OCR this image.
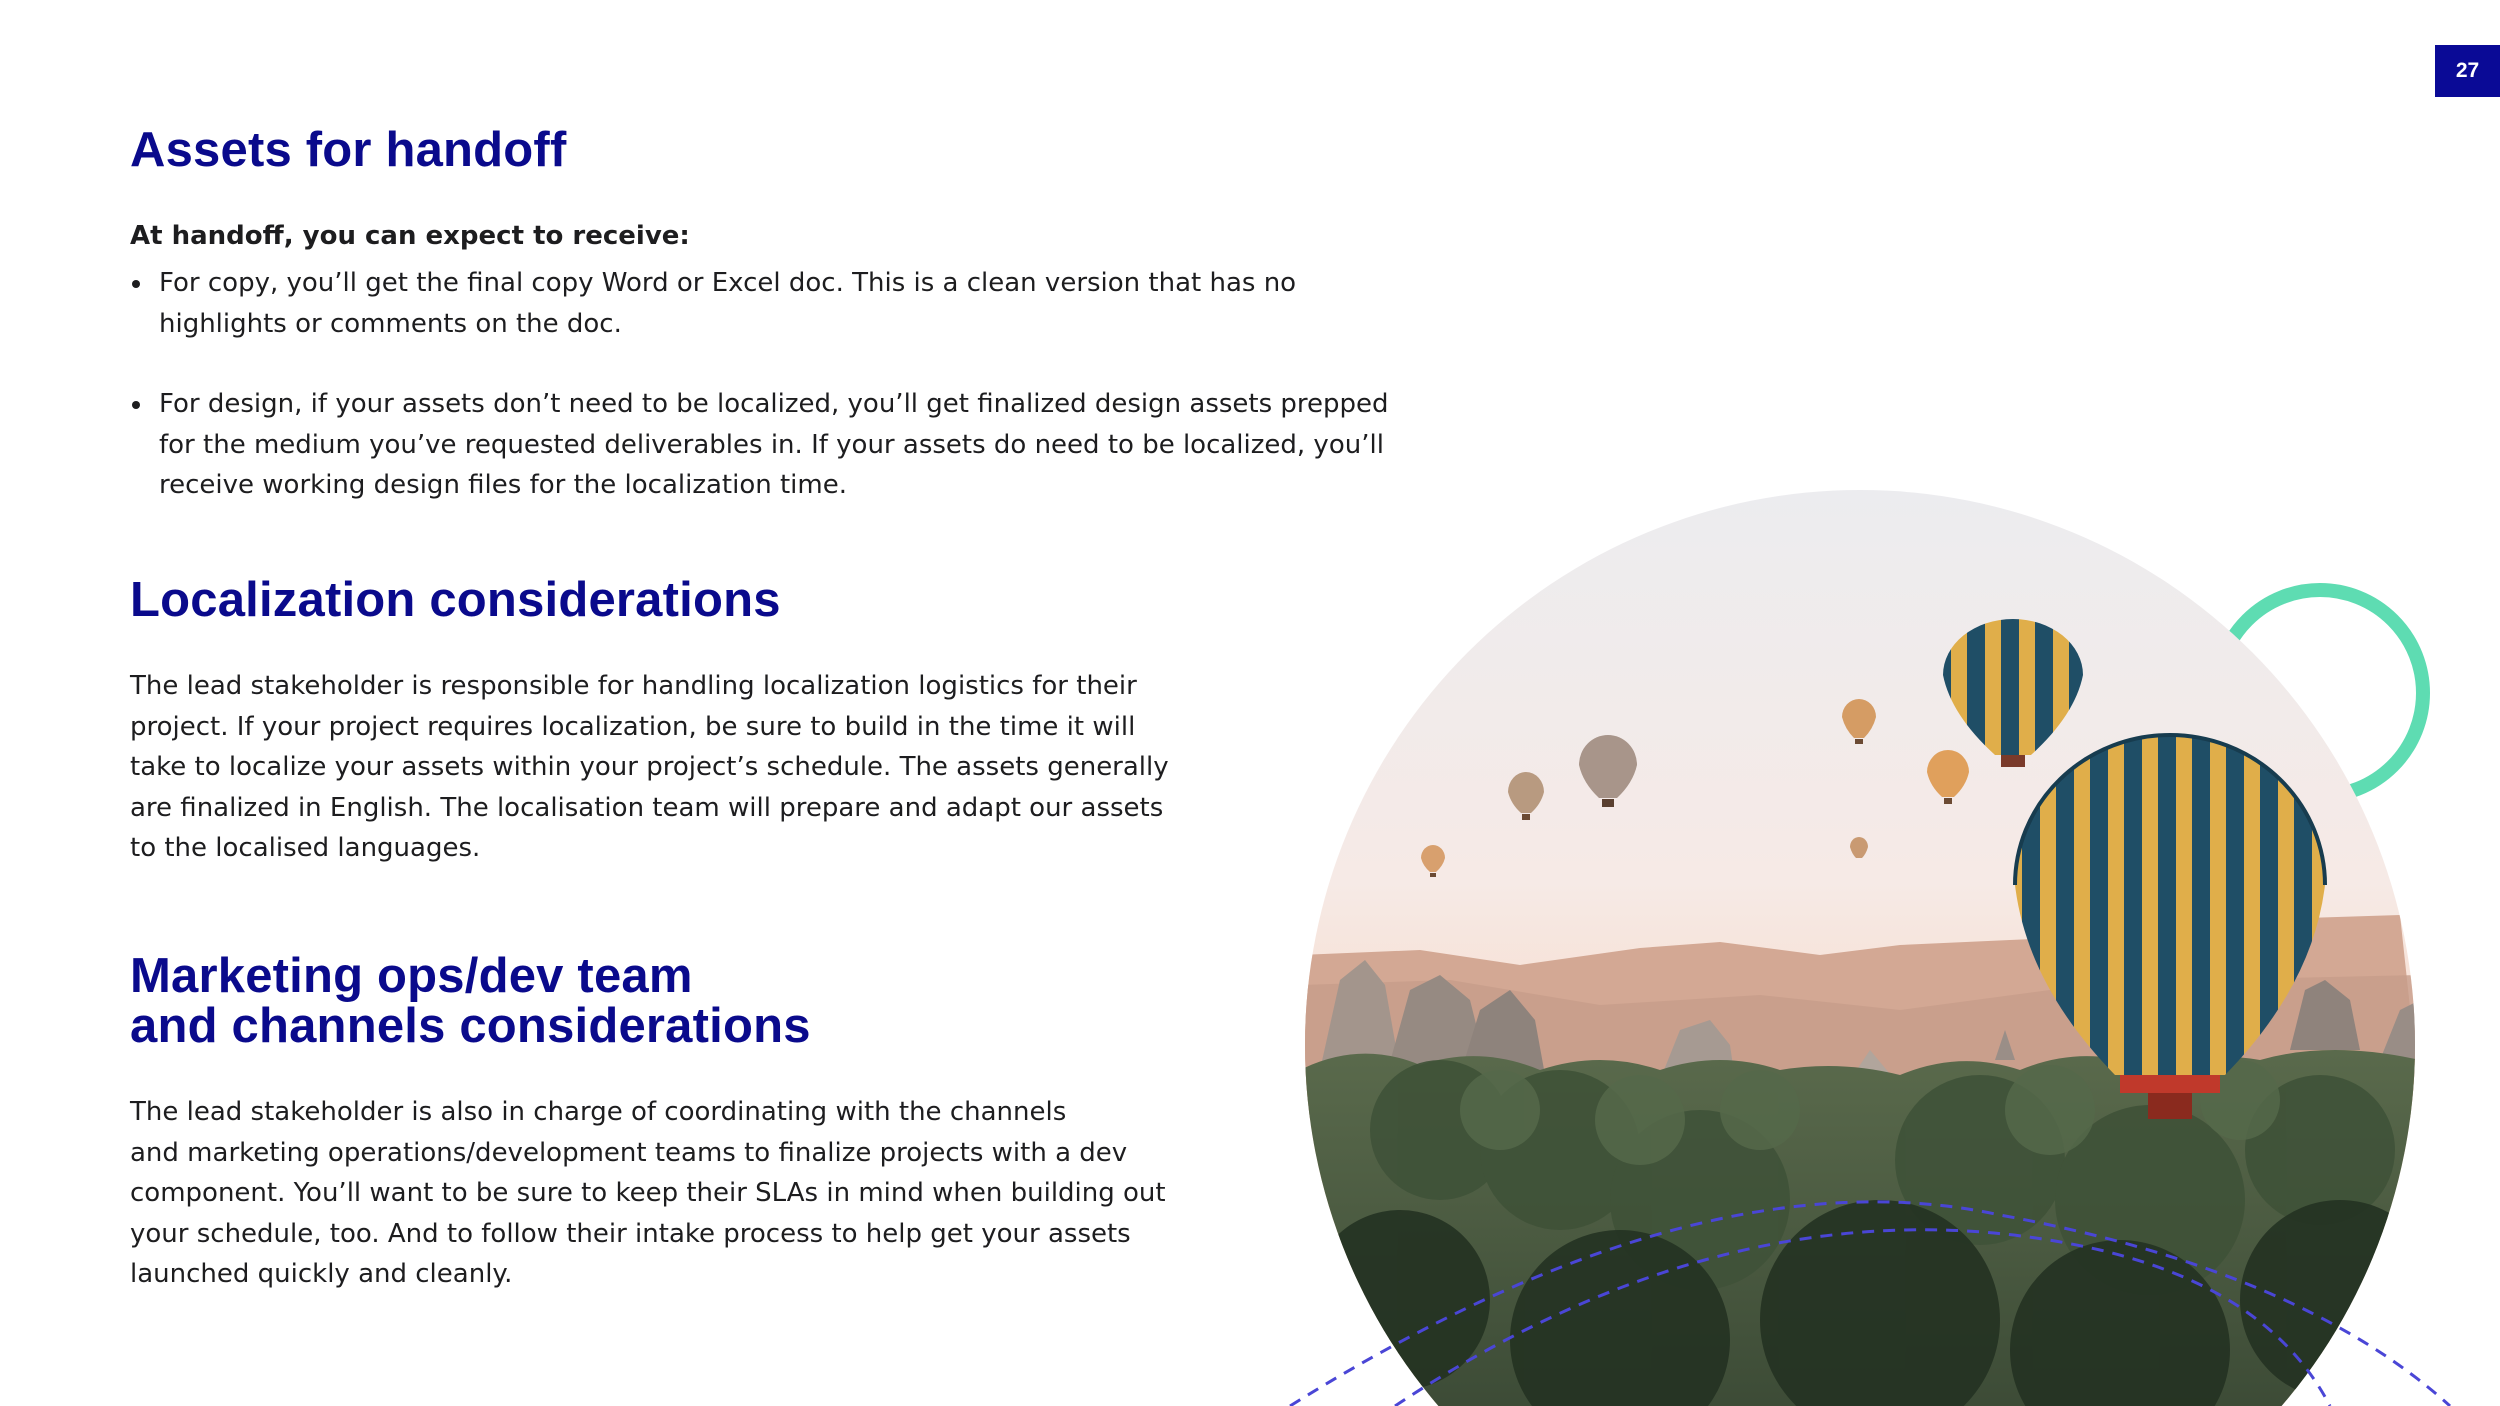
27
Assets for handoff
At handoff, you can expect to receive:
For copy, you’ll get the final copy Word or Excel doc. This is a clean version that has no
highlights or comments on the doc.
For design, if your assets don’t need to be localized, you’ll get finalized design assets prepped
for the medium you’ve requested deliverables in. If your assets do need to be localized, you’ll
receive working design files for the localization time.
Localization considerations

The lead stakeholder is responsible for handling localization logistics for their
project. If your project requires localization, be sure to build in the time it will
take to localize your assets within your project’s schedule. The assets generally
are finalized in English. The localisation team will prepare and adapt our assets
to the localised languages.

Marketing ops/dev team
and channels considerations

The lead stakeholder is also in charge of coordinating with the channels
and marketing operations/development teams to finalize projects with a dev
component. You’ll want to be sure to keep their SLAs in mind when building out
your schedule, too. And to follow their intake process to help get your assets
launched quickly and cleanly.
